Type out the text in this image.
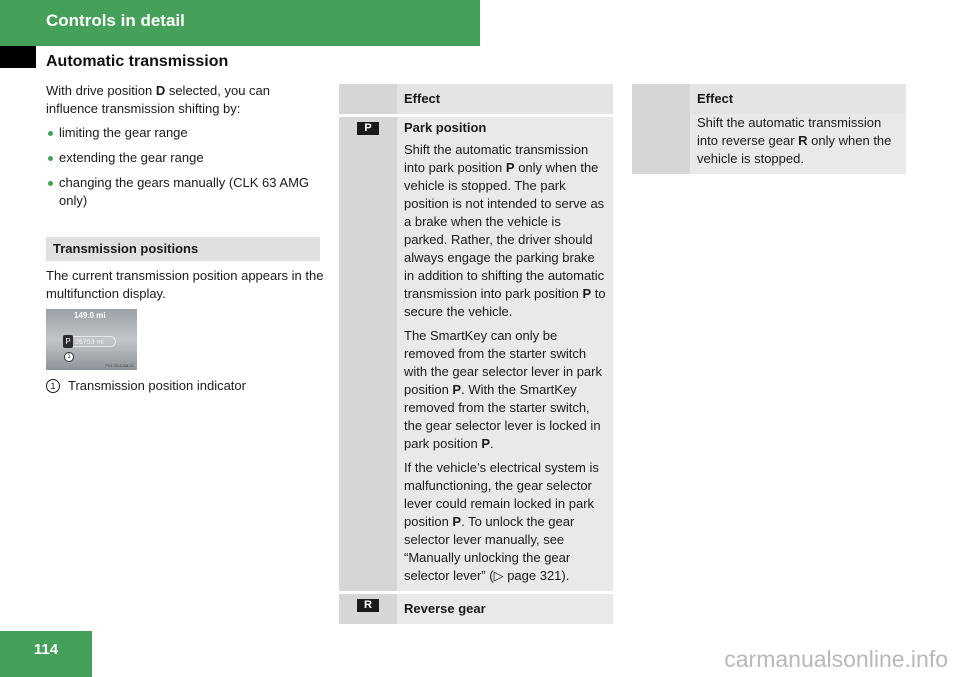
Controls in detail
Automatic transmission

With drive position D selected, you can influence transmission shifting by:

limiting the gear range
extending the gear range
changing the gears manually (CLK 63 AMG only)
Transmission positions

The current transmission position appears in the multifunction display.

149.0 mi
26753 mi
P
1
P54.30-4208-31
1 Transmission position indicator
	Effect

P	Park position

Shift the automatic transmission into park position P only when the vehicle is stopped. The park position is not intended to serve as a brake when the vehicle is parked. Rather, the driver should always engage the parking brake in addition to shifting the automatic transmission into park position P to secure the vehicle.

The SmartKey can only be removed from the starter switch with the gear selector lever in park position P. With the SmartKey removed from the starter switch, the gear selector lever is locked in park position P.

If the vehicle’s electrical system is malfunctioning, the gear selector lever could remain locked in park position P. To unlock the gear selector lever manually, see “Manually unlocking the gear selector lever” (▷ page 321).

R	Reverse gear
	Effect

	Shift the automatic transmission into reverse gear R only when the vehicle is stopped.

114	carmanualsonline.info
